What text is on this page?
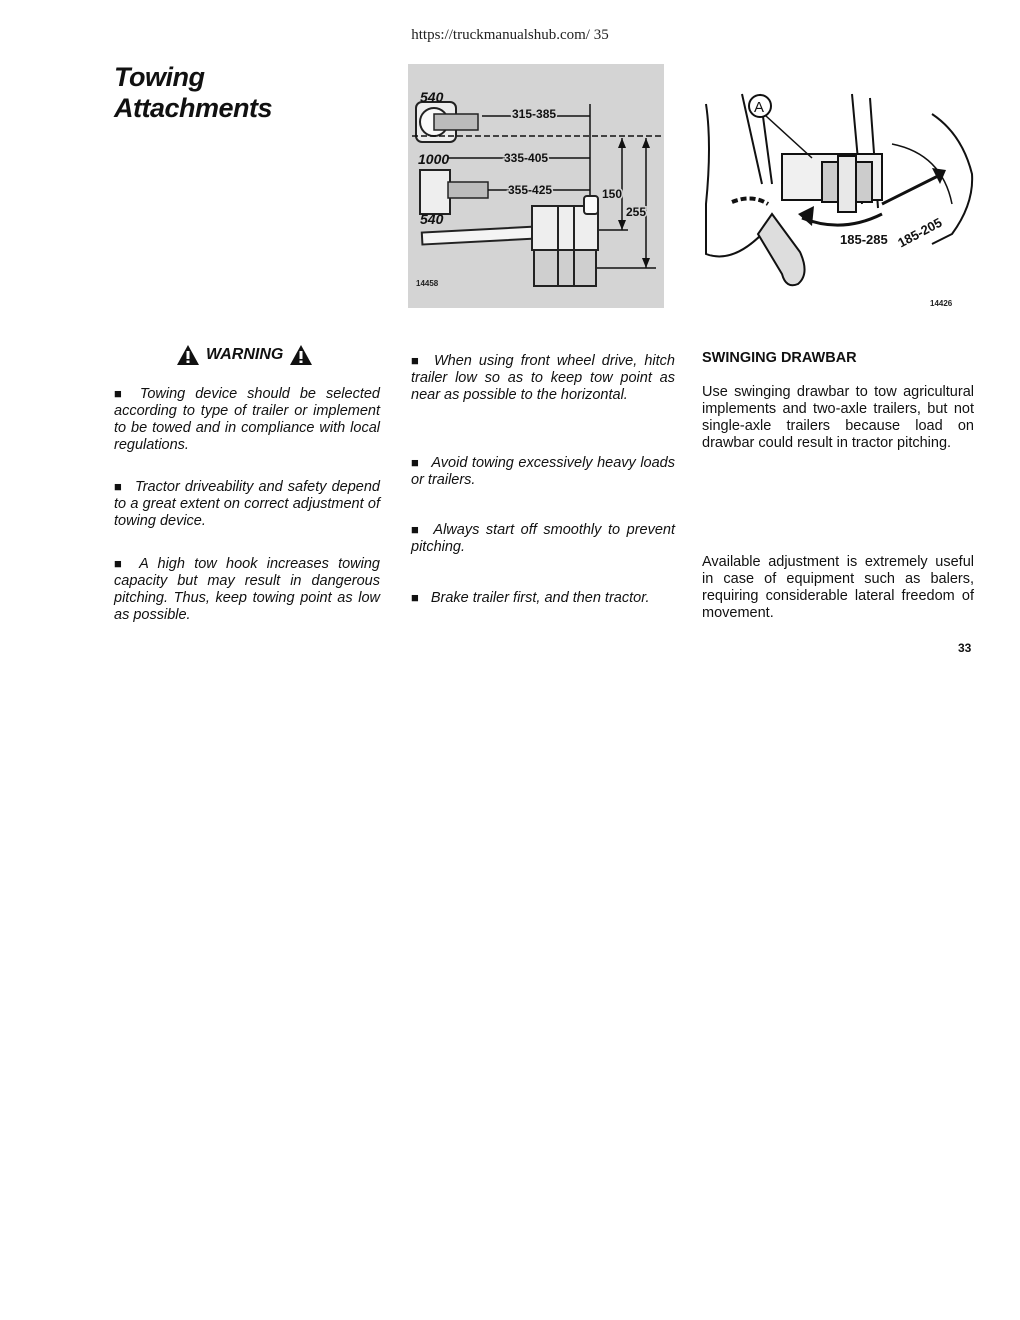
https://truckmanualshub.com/ 35
Towing
Attachments	540
1000
540
315-385
335-405
355-425	150
255
14458
A
185-285 185-205
14426
WARNING

■ Towing device should be selected according to type of trailer or implement to be towed and in compliance with local regulations.

■ Tractor driveability and safety depend to a great extent on correct adjustment of towing device.

■ A high tow hook increases towing capacity but may result in dangerous pitching. Thus, keep towing point as low as possible.

■ When using front wheel drive, hitch trailer low so as to keep tow point as near as possible to the horizontal.

■ Avoid towing excessively heavy loads or trailers.

■ Always start off smoothly to prevent pitching.

■ Brake trailer first, and then tractor.

SWINGING DRAWBAR

Use swinging drawbar to tow agricultural implements and two-axle trailers, but not single-axle trailers because load on drawbar could result in tractor pitching.

Available adjustment is extremely useful in case of equipment such as balers, requiring considerable lateral freedom of movement.

33
